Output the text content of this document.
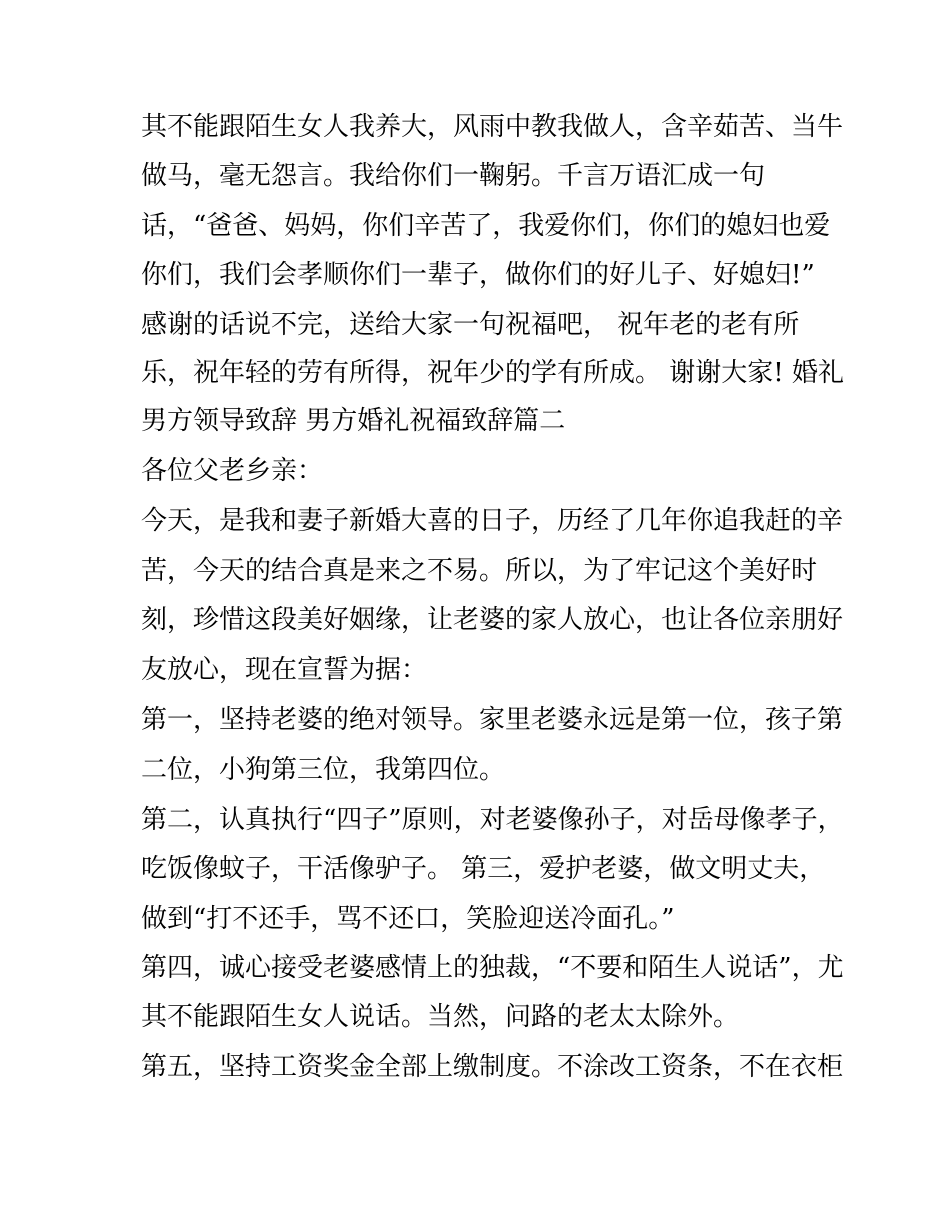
其不能跟陌生女人我养大，风雨中教我做人，含辛茹苦、当牛
做马，毫无怨言。我给你们一鞠躬。千言万语汇成一句
话，“爸爸、妈妈，你们辛苦了，我爱你们，你们的媳妇也爱
你们，我们会孝顺你们一辈子，做你们的好儿子、好媳妇!”
感谢的话说不完，送给大家一句祝福吧， 祝年老的老有所
乐，祝年轻的劳有所得，祝年少的学有所成。 谢谢大家! 婚礼
男方领导致辞 男方婚礼祝福致辞篇二
各位父老乡亲：
今天，是我和妻子新婚大喜的日子，历经了几年你追我赶的辛
苦，今天的结合真是来之不易。所以，为了牢记这个美好时
刻，珍惜这段美好姻缘，让老婆的家人放心，也让各位亲朋好
友放心，现在宣誓为据：
第一，坚持老婆的绝对领导。家里老婆永远是第一位，孩子第
二位，小狗第三位，我第四位。
第二，认真执行“四子”原则，对老婆像孙子，对岳母像孝子，
吃饭像蚊子，干活像驴子。 第三，爱护老婆，做文明丈夫，
做到“打不还手，骂不还口，笑脸迎送冷面孔。”
第四，诚心接受老婆感情上的独裁，“不要和陌生人说话”，尤
其不能跟陌生女人说话。当然，问路的老太太除外。
第五，坚持工资奖金全部上缴制度。不涂改工资条，不在衣柜
